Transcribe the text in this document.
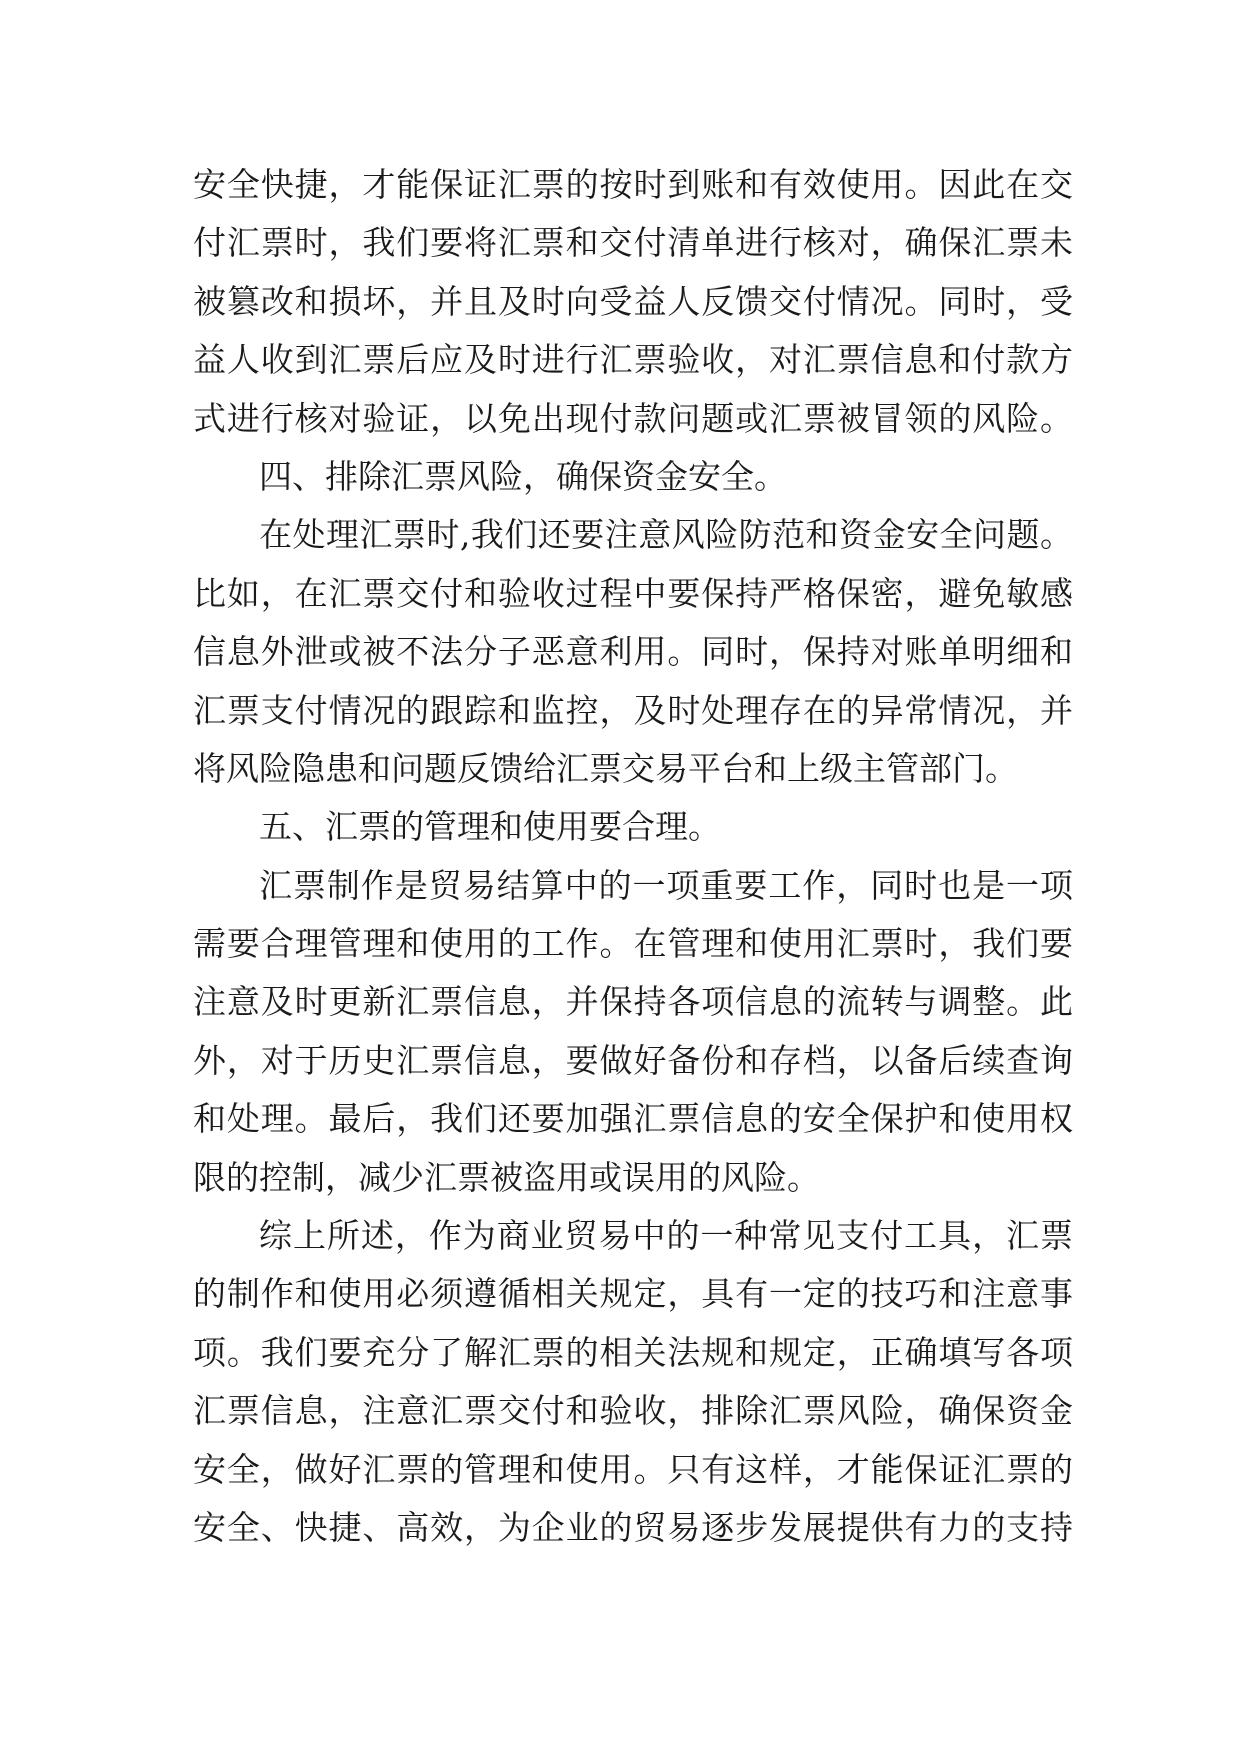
安全快捷，才能保证汇票的按时到账和有效使用。因此在交
付汇票时，我们要将汇票和交付清单进行核对，确保汇票未
被篡改和损坏，并且及时向受益人反馈交付情况。同时，受
益人收到汇票后应及时进行汇票验收，对汇票信息和付款方
式进行核对验证，以免出现付款问题或汇票被冒领的风险。
四、排除汇票风险，确保资金安全。
在处理汇票时,我们还要注意风险防范和资金安全问题。
比如，在汇票交付和验收过程中要保持严格保密，避免敏感
信息外泄或被不法分子恶意利用。同时，保持对账单明细和
汇票支付情况的跟踪和监控，及时处理存在的异常情况，并
将风险隐患和问题反馈给汇票交易平台和上级主管部门。
五、汇票的管理和使用要合理。
汇票制作是贸易结算中的一项重要工作，同时也是一项
需要合理管理和使用的工作。在管理和使用汇票时，我们要
注意及时更新汇票信息，并保持各项信息的流转与调整。此
外，对于历史汇票信息，要做好备份和存档，以备后续查询
和处理。最后，我们还要加强汇票信息的安全保护和使用权
限的控制，减少汇票被盗用或误用的风险。
综上所述，作为商业贸易中的一种常见支付工具，汇票
的制作和使用必须遵循相关规定，具有一定的技巧和注意事
项。我们要充分了解汇票的相关法规和规定，正确填写各项
汇票信息，注意汇票交付和验收，排除汇票风险，确保资金
安全，做好汇票的管理和使用。只有这样，才能保证汇票的
安全、快捷、高效，为企业的贸易逐步发展提供有力的支持
